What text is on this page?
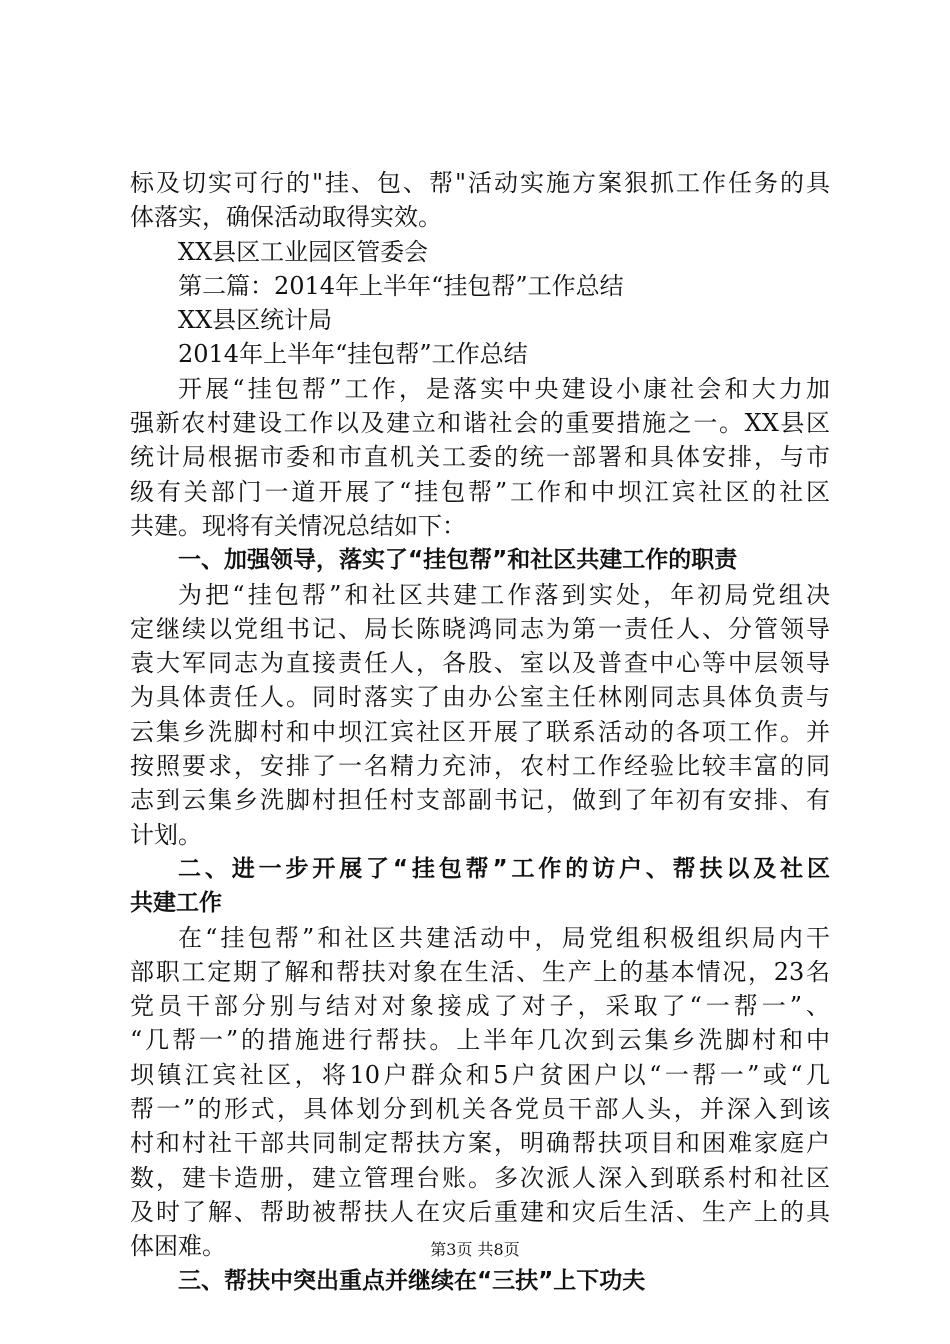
标及切实可行的"挂、包、帮"活动实施方案狠抓工作任务的具
体落实，确保活动取得实效。
XX县区工业园区管委会
第二篇：2014年上半年“挂包帮”工作总结
XX县区统计局
2014年上半年“挂包帮”工作总结
开展“挂包帮”工作，是落实中央建设小康社会和大力加
强新农村建设工作以及建立和谐社会的重要措施之一。XX县区
统计局根据市委和市直机关工委的统一部署和具体安排，与市
级有关部门一道开展了“挂包帮”工作和中坝江宾社区的社区
共建。现将有关情况总结如下：
一、加强领导，落实了“挂包帮”和社区共建工作的职责
为把“挂包帮”和社区共建工作落到实处，年初局党组决
定继续以党组书记、局长陈晓鸿同志为第一责任人、分管领导
袁大军同志为直接责任人，各股、室以及普查中心等中层领导
为具体责任人。同时落实了由办公室主任林刚同志具体负责与
云集乡洗脚村和中坝江宾社区开展了联系活动的各项工作。并
按照要求，安排了一名精力充沛，农村工作经验比较丰富的同
志到云集乡洗脚村担任村支部副书记，做到了年初有安排、有
计划。
二、进一步开展了“挂包帮”工作的访户、帮扶以及社区
共建工作
在“挂包帮”和社区共建活动中，局党组积极组织局内干
部职工定期了解和帮扶对象在生活、生产上的基本情况，23名
党员干部分别与结对对象接成了对子，采取了“一帮一”、
“几帮一”的措施进行帮扶。上半年几次到云集乡洗脚村和中
坝镇江宾社区，将10户群众和5户贫困户以“一帮一”或“几
帮一”的形式，具体划分到机关各党员干部人头，并深入到该
村和村社干部共同制定帮扶方案，明确帮扶项目和困难家庭户
数，建卡造册，建立管理台账。多次派人深入到联系村和社区
及时了解、帮助被帮扶人在灾后重建和灾后生活、生产上的具
体困难。
三、帮扶中突出重点并继续在“三扶”上下功夫
第3页 共8页
